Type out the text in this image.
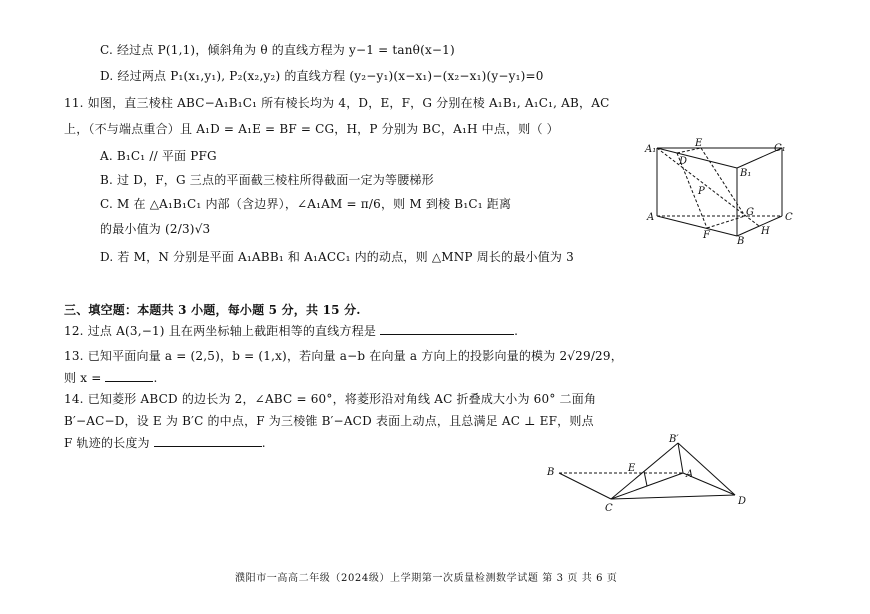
C. 经过点 P(1,1)，倾斜角为 θ 的直线方程为 y−1 = tanθ(x−1)
D. 经过两点 P₁(x₁,y₁), P₂(x₂,y₂) 的直线方程 (y₂−y₁)(x−x₁)−(x₂−x₁)(y−y₁)=0
11. 如图，直三棱柱 ABC−A₁B₁C₁ 所有棱长均为 4，D，E，F，G 分别在棱 A₁B₁, A₁C₁, AB，AC
上，（不与端点重合）且 A₁D = A₁E = BF = CG，H，P 分别为 BC，A₁H 中点，则（ ）
A. B₁C₁ // 平面 PFG
B. 过 D，F，G 三点的平面截三棱柱所得截面一定为等腰梯形
C. M 在 △A₁B₁C₁ 内部（含边界），∠A₁AM = π/6，则 M 到棱 B₁C₁ 距离
的最小值为 (2/3)√3
D. 若 M，N 分别是平面 A₁ABB₁ 和 A₁ACC₁ 内的动点，则 △MNP 周长的最小值为 3
A₁
E	C₁
D
B₁
P
A	G	C
F	H
B
三、填空题：本题共 3 小题，每小题 5 分，共 15 分.
12. 过点 A(3,−1) 且在两坐标轴上截距相等的直线方程是	.
13. 已知平面向量 a = (2,5)，b = (1,x)，若向量 a−b 在向量 a 方向上的投影向量的模为 2√29/29，
则 x =	.
14. 已知菱形 ABCD 的边长为 2，∠ABC = 60°，将菱形沿对角线 AC 折叠成大小为 60° 二面角
B′−AC−D，设 E 为 B′C 的中点，F 为三棱锥 B′−ACD 表面上动点，且总满足 AC ⊥ EF，则点
F 轨迹的长度为	.	B′
B	E
A
C
D
濮阳市一高高二年级（2024级）上学期第一次质量检测数学试题 第 3 页 共 6 页
